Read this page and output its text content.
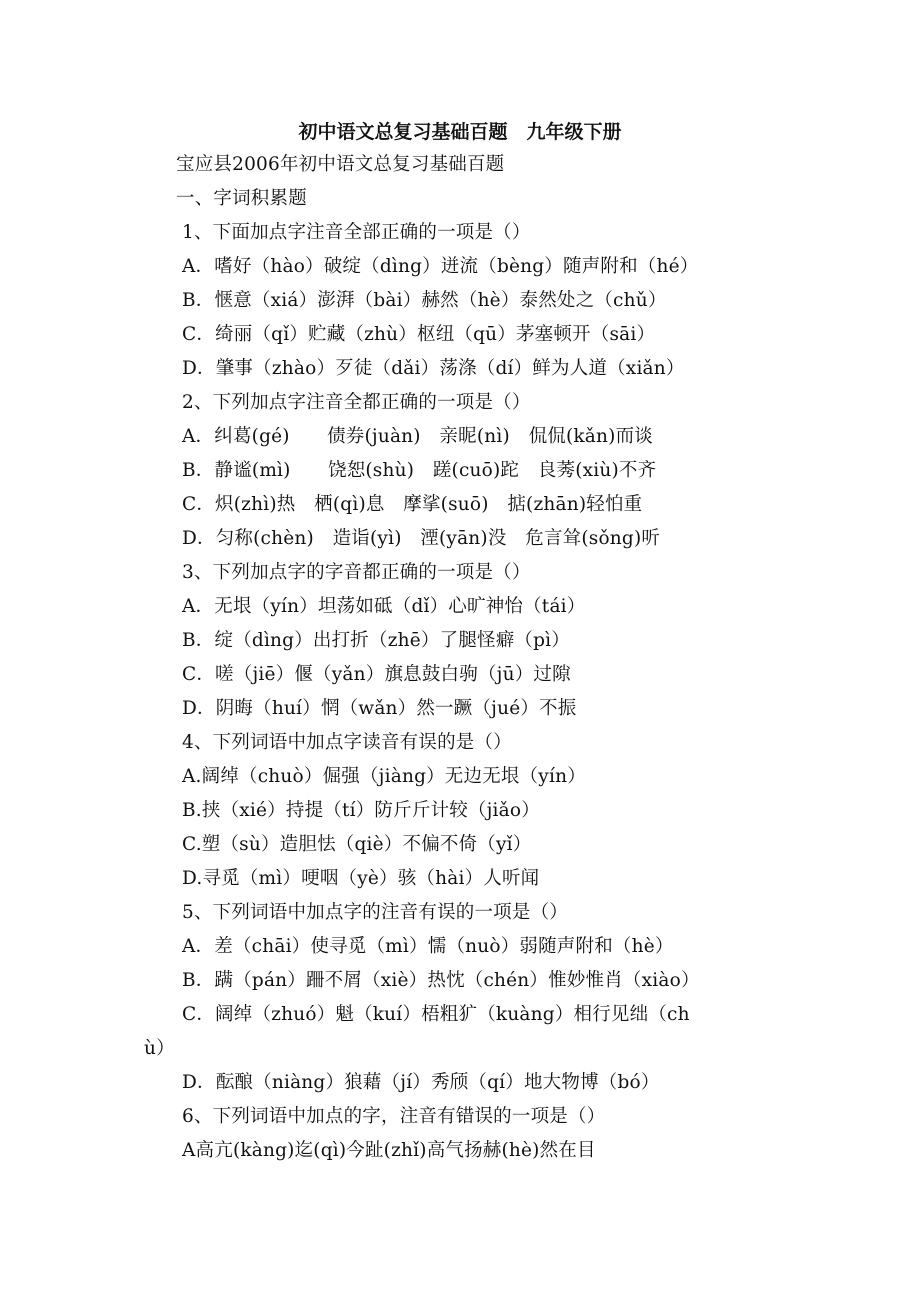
初中语文总复习基础百题　九年级下册
宝应县2006年初中语文总复习基础百题
一、字词积累题
1、下面加点字注音全部正确的一项是（）
A．嗜好（hào）破绽（dìng）迸流（bèng）随声附和（hé）
B．惬意（xiá）澎湃（bài）赫然（hè）泰然处之（chǔ）
C．绮丽（qǐ）贮藏（zhù）枢纽（qū）茅塞顿开（sāi）
D．肇事（zhào）歹徒（dǎi）荡涤（dí）鲜为人道（xiǎn）
2、下列加点字注音全都正确的一项是（）
A．纠葛(gé)　　债券(juàn)　亲昵(nì)　侃侃(kǎn)而谈
B．静谧(mì)　　饶恕(shù)　蹉(cuō)跎　良莠(xiù)不齐
C．炽(zhì)热　栖(qì)息　摩挲(suō)　掂(zhān)轻怕重
D．匀称(chèn)　造诣(yì)　湮(yān)没　危言耸(sǒng)听
3、下列加点字的字音都正确的一项是（）
A．无垠（yín）坦荡如砥（dǐ）心旷神怡（tái）
B．绽（dìng）出打折（zhē）了腿怪癖（pì）
C．嗟（jiē）偃（yǎn）旗息鼓白驹（jū）过隙
D．阴晦（huí）惘（wǎn）然一蹶（jué）不振
4、下列词语中加点字读音有误的是（）
A.阔绰（chuò）倔强（jiàng）无边无垠（yín）
B.挟（xié）持提（tí）防斤斤计较（jiǎo）
C.塑（sù）造胆怯（qiè）不偏不倚（yǐ）
D.寻觅（mì）哽咽（yè）骇（hài）人听闻
5、下列词语中加点字的注音有误的一项是（）
A．差（chāi）使寻觅（mì）懦（nuò）弱随声附和（hè）
B．蹒（pán）跚不屑（xiè）热忱（chén）惟妙惟肖（xiào）
C．阔绰（zhuó）魁（kuí）梧粗犷（kuàng）相行见绌（ch
ù）
D．酝酿（niàng）狼藉（jí）秀颀（qí）地大物博（bó）
6、下列词语中加点的字，注音有错误的一项是（）
A高亢(kàng)迄(qì)今趾(zhǐ)高气扬赫(hè)然在目
